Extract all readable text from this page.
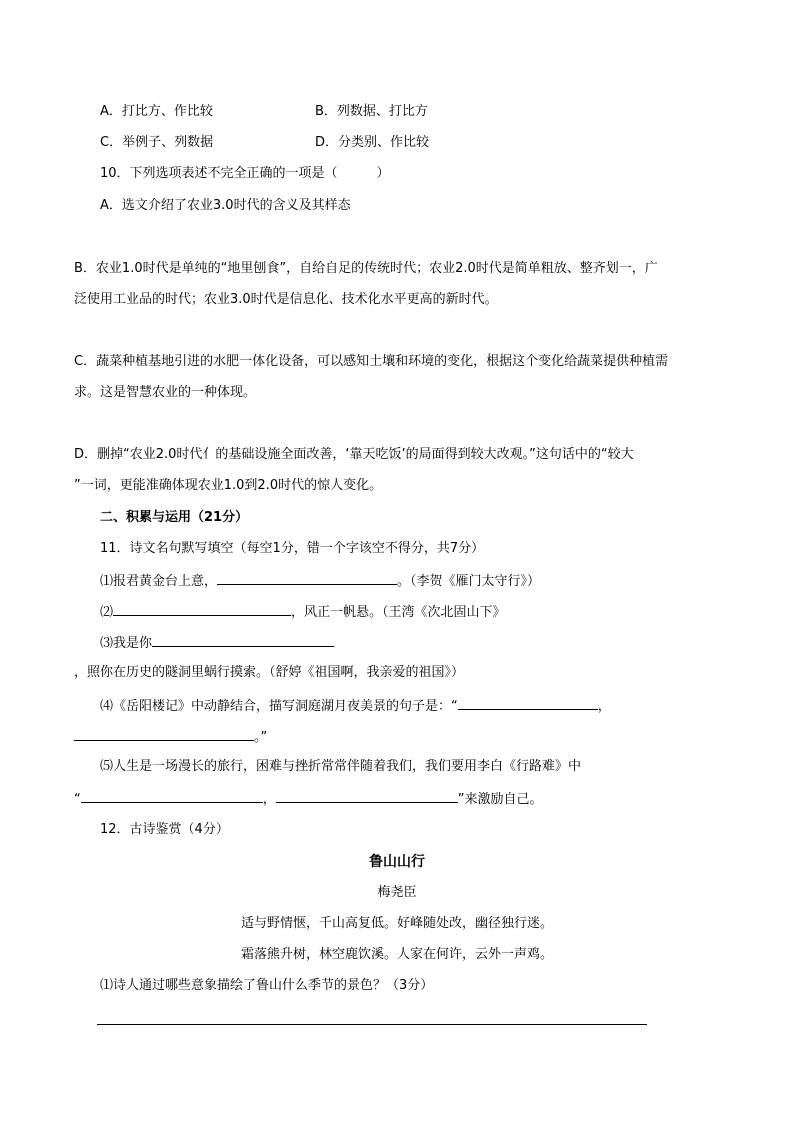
A．打比方、作比较	B．列数据、打比方
C．举例子、列数据	D．分类别、作比较
10．下列选项表述不完全正确的一项是（　　　）
A．选文介绍了农业3.0时代的含义及其样态
B．农业1.0时代是单纯的“地里刨食”，自给自足的传统时代；农业2.0时代是简单粗放、整齐划一，广
泛使用工业品的时代；农业3.0时代是信息化、技术化水平更高的新时代。
C．蔬菜种植基地引进的水肥一体化设备，可以感知土壤和环境的变化，根据这个变化给蔬菜提供种植需
求。这是智慧农业的一种体现。
D．删掉“农业2.0时代亻的基础设施全面改善，‘靠天吃饭’的局面得到较大改观。”这句话中的“较大
”一词，更能准确体现农业1.0到2.0时代的惊人变化。
二、积累与运用（21分）
11．诗文名句默写填空（每空1分，错一个字该空不得分，共7分）
⑴报君黄金台上意，	。（李贺《雁门太守行》）
⑵	，风正一帆悬。（王湾《次北固山下》
⑶我是你
，照你在历史的隧洞里蜗行摸索。（舒婷《祖国啊，我亲爱的祖国》）
⑷《岳阳楼记》中动静结合，描写洞庭湖月夜美景的句子是：“	，
。”
⑸人生是一场漫长的旅行，困难与挫折常常伴随着我们，我们要用李白《行路难》中
“	，	”来激励自己。
12．古诗鉴赏（4分）
鲁山山行
梅尧臣
适与野情惬，千山高复低。好峰随处改，幽径独行迷。
霜落熊升树，林空鹿饮溪。人家在何许，云外一声鸡。
⑴诗人通过哪些意象描绘了鲁山什么季节的景色？（3分）
